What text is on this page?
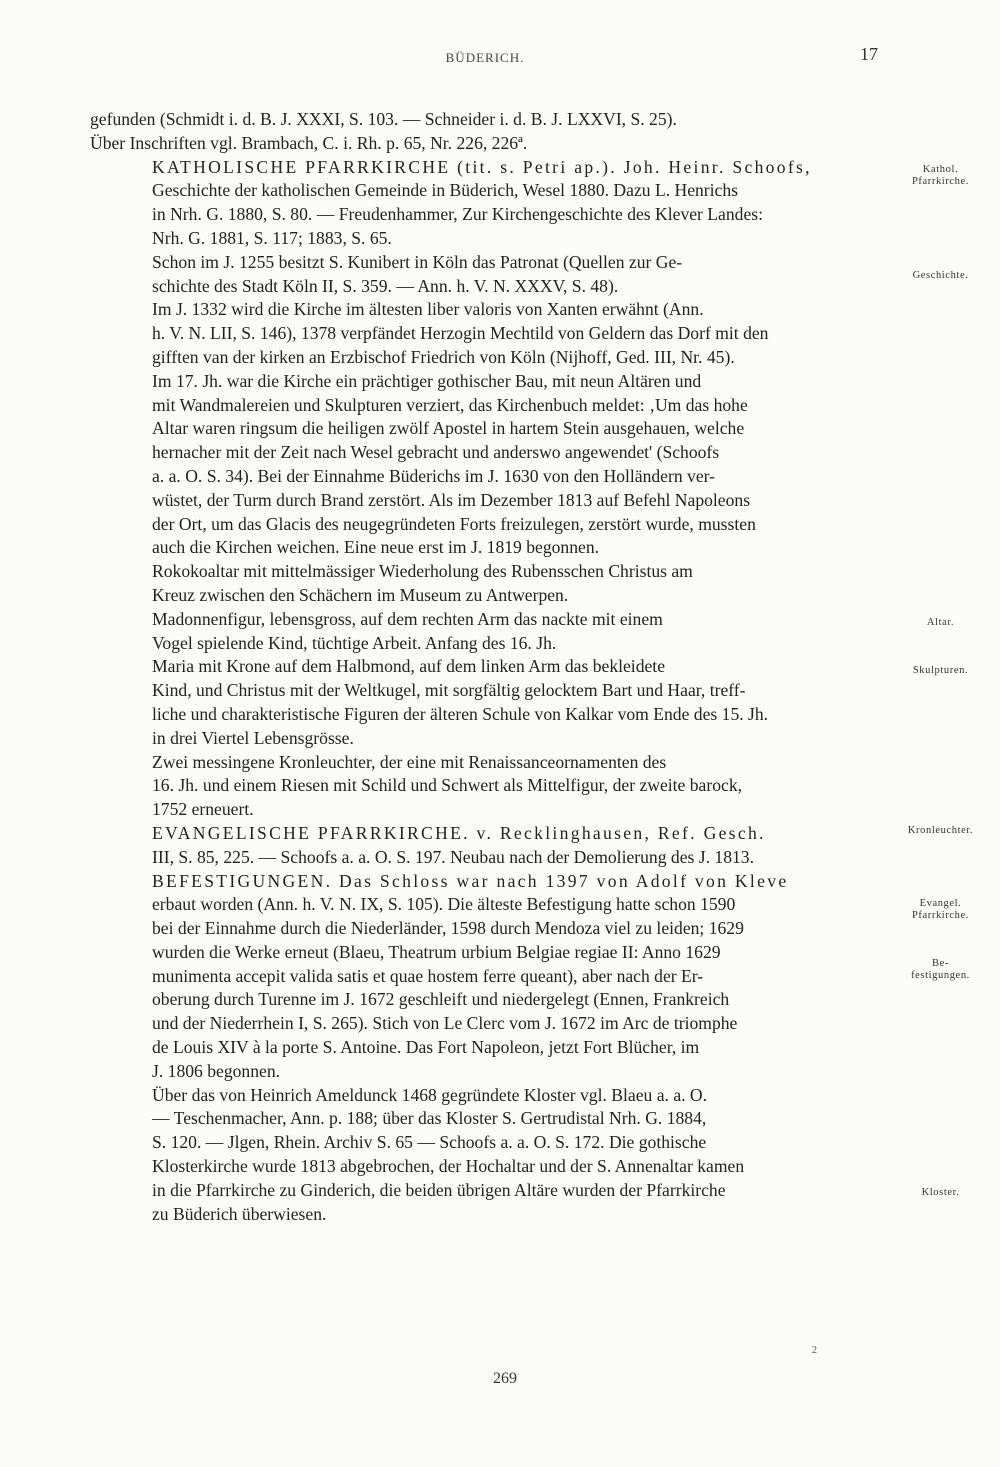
BÜDERICH.	17

gefunden (Schmidt i. d. B. J. XXXI, S. 103. — Schneider i. d. B. J. LXXVI, S. 25).
Über Inschriften vgl. Brambach, C. i. Rh. p. 65, Nr. 226, 226ª.

KATHOLISCHE PFARRKIRCHE (tit. s. Petri ap.). Joh. Heinr. Schoofs,
Geschichte der katholischen Gemeinde in Büderich, Wesel 1880. Dazu L. Henrichs
in Nrh. G. 1880, S. 80. — Freudenhammer, Zur Kirchengeschichte des Klever Landes:
Nrh. G. 1881, S. 117; 1883, S. 65.

Schon im J. 1255 besitzt S. Kunibert in Köln das Patronat (Quellen zur Ge-
schichte des Stadt Köln II, S. 359. — Ann. h. V. N. XXXV, S. 48).

Im J. 1332 wird die Kirche im ältesten liber valoris von Xanten erwähnt (Ann.
h. V. N. LII, S. 146), 1378 verpfändet Herzogin Mechtild von Geldern das Dorf mit den
gifften van der kirken an Erzbischof Friedrich von Köln (Nijhoff, Ged. III, Nr. 45).

Im 17. Jh. war die Kirche ein prächtiger gothischer Bau, mit neun Altären und
mit Wandmalereien und Skulpturen verziert, das Kirchenbuch meldet: ‚Um das hohe
Altar waren ringsum die heiligen zwölf Apostel in hartem Stein ausgehauen, welche
hernacher mit der Zeit nach Wesel gebracht und anderswo angewendet' (Schoofs
a. a. O. S. 34). Bei der Einnahme Büderichs im J. 1630 von den Holländern ver-
wüstet, der Turm durch Brand zerstört. Als im Dezember 1813 auf Befehl Napoleons
der Ort, um das Glacis des neugegründeten Forts freizulegen, zerstört wurde, mussten
auch die Kirchen weichen. Eine neue erst im J. 1819 begonnen.

Rokokoaltar mit mittelmässiger Wiederholung des Rubensschen Christus am
Kreuz zwischen den Schächern im Museum zu Antwerpen.

Madonnenfigur, lebensgross, auf dem rechten Arm das nackte mit einem
Vogel spielende Kind, tüchtige Arbeit. Anfang des 16. Jh.

Maria mit Krone auf dem Halbmond, auf dem linken Arm das bekleidete
Kind, und Christus mit der Weltkugel, mit sorgfältig gelocktem Bart und Haar, treff-
liche und charakteristische Figuren der älteren Schule von Kalkar vom Ende des 15. Jh.
in drei Viertel Lebensgrösse.

Zwei messingene Kronleuchter, der eine mit Renaissanceornamenten des
16. Jh. und einem Riesen mit Schild und Schwert als Mittelfigur, der zweite barock,
1752 erneuert.

EVANGELISCHE PFARRKIRCHE. v. Recklinghausen, Ref. Gesch.
III, S. 85, 225. — Schoofs a. a. O. S. 197. Neubau nach der Demolierung des J. 1813.

BEFESTIGUNGEN. Das Schloss war nach 1397 von Adolf von Kleve
erbaut worden (Ann. h. V. N. IX, S. 105). Die älteste Befestigung hatte schon 1590
bei der Einnahme durch die Niederländer, 1598 durch Mendoza viel zu leiden; 1629
wurden die Werke erneut (Blaeu, Theatrum urbium Belgiae regiae II: Anno 1629
munimenta accepit valida satis et quae hostem ferre queant), aber nach der Er-
oberung durch Turenne im J. 1672 geschleift und niedergelegt (Ennen, Frankreich
und der Niederrhein I, S. 265). Stich von Le Clerc vom J. 1672 im Arc de triomphe
de Louis XIV à la porte S. Antoine. Das Fort Napoleon, jetzt Fort Blücher, im
J. 1806 begonnen.

Über das von Heinrich Ameldunck 1468 gegründete Kloster vgl. Blaeu a. a. O.
— Teschenmacher, Ann. p. 188; über das Kloster S. Gertrudistal Nrh. G. 1884,
S. 120. — Jlgen, Rhein. Archiv S. 65 — Schoofs a. a. O. S. 172. Die gothische
Klosterkirche wurde 1813 abgebrochen, der Hochaltar und der S. Annenaltar kamen
in die Pfarrkirche zu Ginderich, die beiden übrigen Altäre wurden der Pfarrkirche
zu Büderich überwiesen.

Kathol.
Pfarrkirche.
Geschichte.
Altar.
Skulpturen.
Kronleuchter.
Evangel.
Pfarrkirche.
Be-
festigungen.
Kloster.
2
269
